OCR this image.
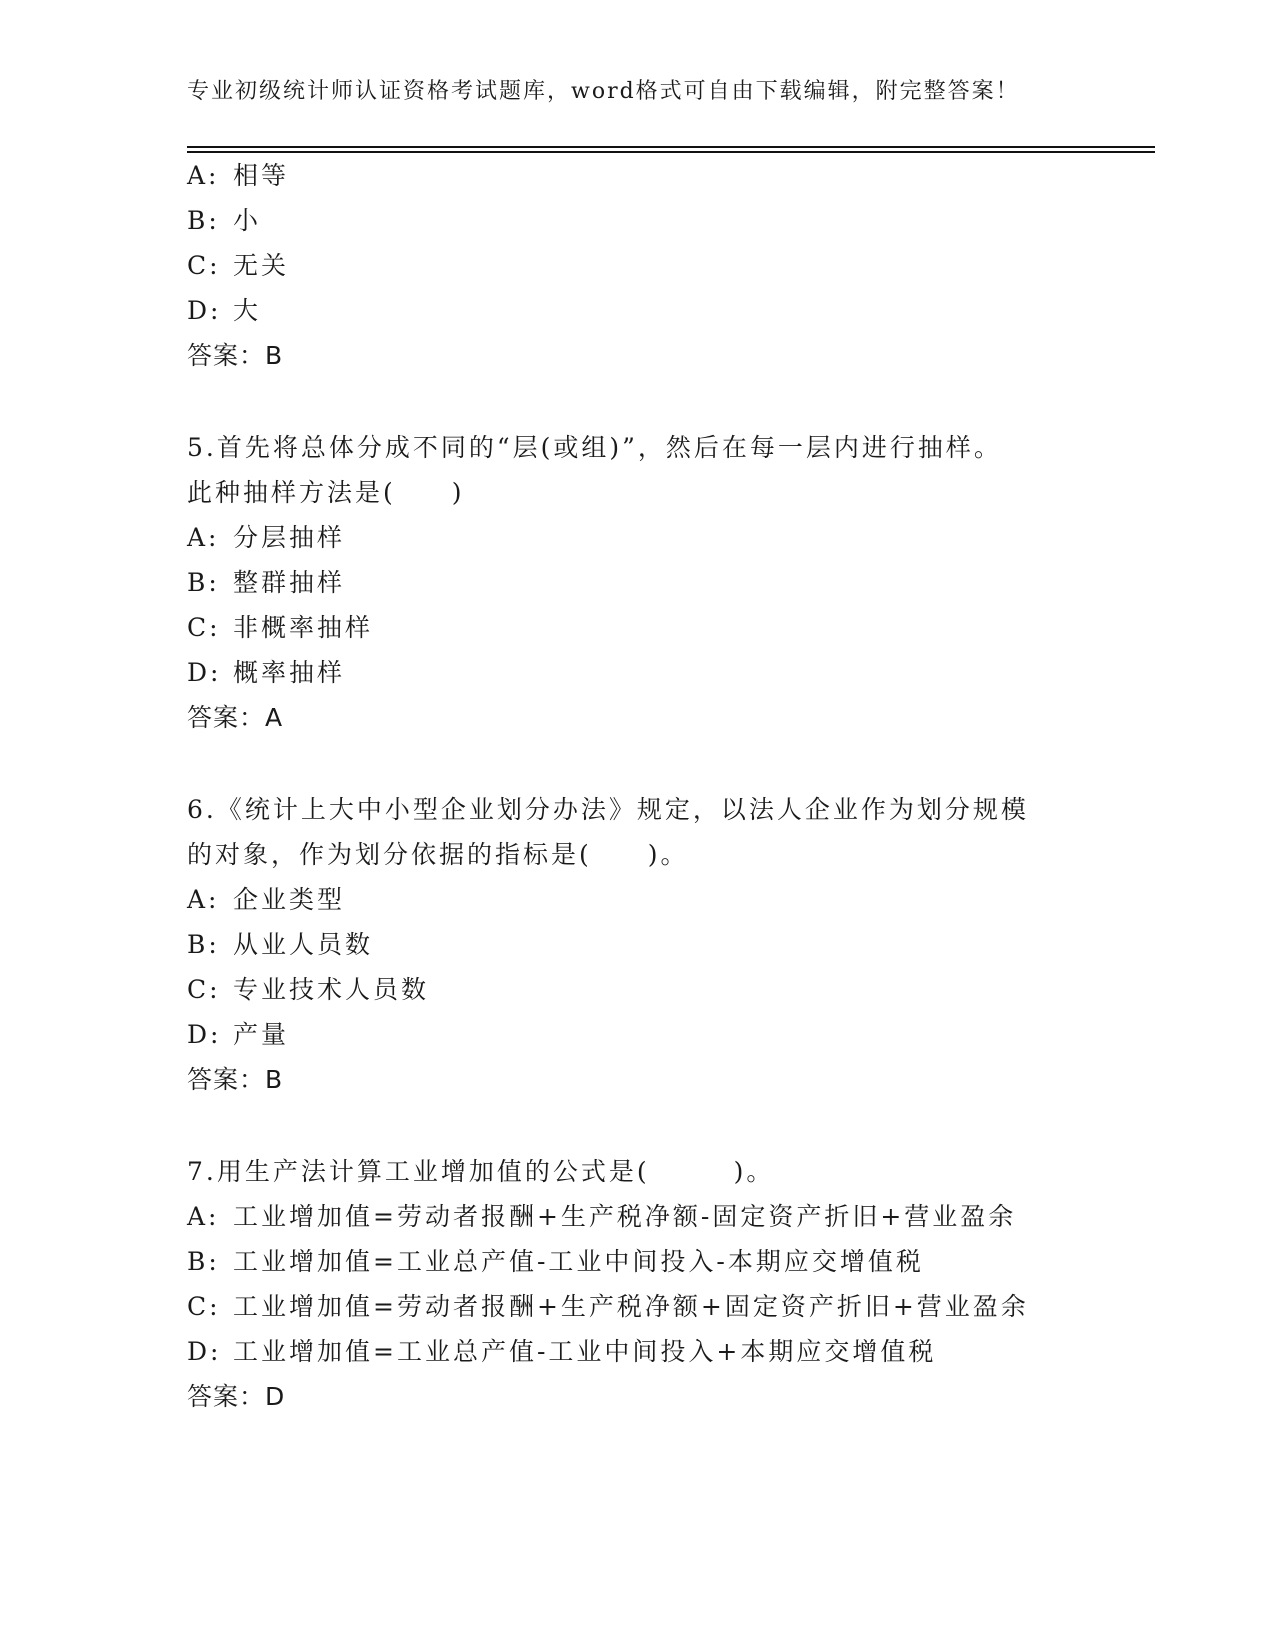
专业初级统计师认证资格考试题库，word格式可自由下载编辑，附完整答案！
A: 相等
B: 小
C: 无关
D: 大
答案：B
5.首先将总体分成不同的“层(或组)”，然后在每一层内进行抽样。
此种抽样方法是(　　)
A: 分层抽样
B: 整群抽样
C: 非概率抽样
D: 概率抽样
答案：A
6.《统计上大中小型企业划分办法》规定，以法人企业作为划分规模
的对象，作为划分依据的指标是(　　)。
A: 企业类型
B: 从业人员数
C: 专业技术人员数
D: 产量
答案：B
7.用生产法计算工业增加值的公式是(　　　)。
A: 工业增加值=劳动者报酬+生产税净额-固定资产折旧+营业盈余
B: 工业增加值=工业总产值-工业中间投入-本期应交增值税
C: 工业增加值=劳动者报酬+生产税净额+固定资产折旧+营业盈余
D: 工业增加值=工业总产值-工业中间投入+本期应交增值税
答案：D
